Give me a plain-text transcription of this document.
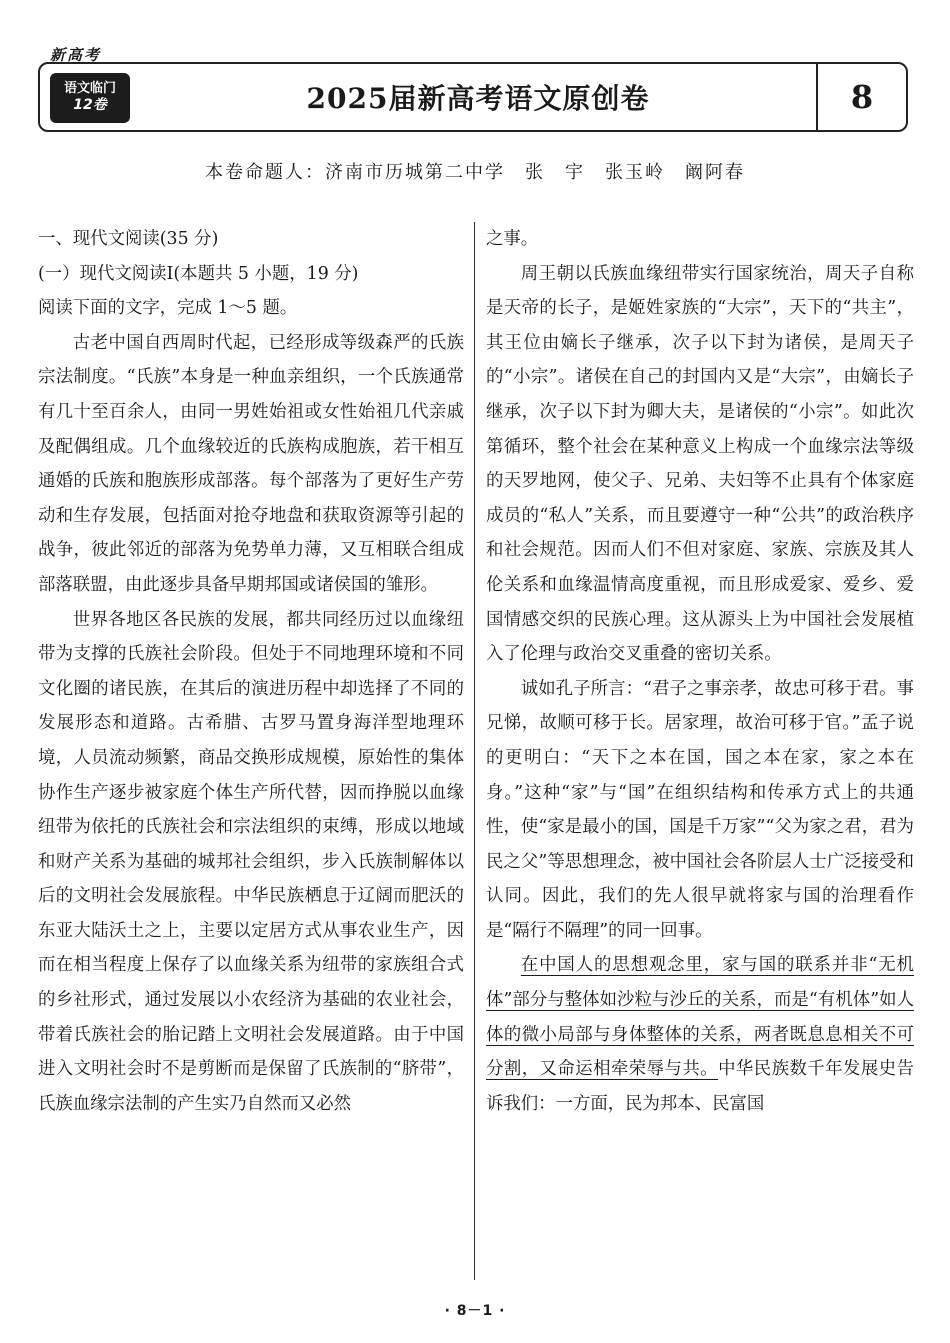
新高考
语文临门
12卷	2025届新高考语文原创卷	8
本卷命题人：济南市历城第二中学　张　宇　张玉岭　阚阿春

一、现代文阅读(35 分)

(一）现代文阅读Ⅰ(本题共 5 小题，19 分)

阅读下面的文字，完成 1～5 题。

古老中国自西周时代起，已经形成等级森严的氏族宗法制度。“氏族”本身是一种血亲组织，一个氏族通常有几十至百余人，由同一男姓始祖或女性始祖几代亲戚及配偶组成。几个血缘较近的氏族构成胞族，若干相互通婚的氏族和胞族形成部落。每个部落为了更好生产劳动和生存发展，包括面对抢夺地盘和获取资源等引起的战争，彼此邻近的部落为免势单力薄，又互相联合组成部落联盟，由此逐步具备早期邦国或诸侯国的雏形。

世界各地区各民族的发展，都共同经历过以血缘纽带为支撑的氏族社会阶段。但处于不同地理环境和不同文化圈的诸民族，在其后的演进历程中却选择了不同的发展形态和道路。古希腊、古罗马置身海洋型地理环境，人员流动频繁，商品交换形成规模，原始性的集体协作生产逐步被家庭个体生产所代替，因而挣脱以血缘纽带为依托的氏族社会和宗法组织的束缚，形成以地域和财产关系为基础的城邦社会组织，步入氏族制解体以后的文明社会发展旅程。中华民族栖息于辽阔而肥沃的东亚大陆沃土之上，主要以定居方式从事农业生产，因而在相当程度上保存了以血缘关系为纽带的家族组合式的乡社形式，通过发展以小农经济为基础的农业社会，带着氏族社会的胎记踏上文明社会发展道路。由于中国进入文明社会时不是剪断而是保留了氏族制的“脐带”，氏族血缘宗法制的产生实乃自然而又必然

之事。

周王朝以氏族血缘纽带实行国家统治，周天子自称是天帝的长子，是姬姓家族的“大宗”，天下的“共主”，其王位由嫡长子继承，次子以下封为诸侯，是周天子的“小宗”。诸侯在自己的封国内又是“大宗”，由嫡长子继承，次子以下封为卿大夫，是诸侯的“小宗”。如此次第循环，整个社会在某种意义上构成一个血缘宗法等级的天罗地网，使父子、兄弟、夫妇等不止具有个体家庭成员的“私人”关系，而且要遵守一种“公共”的政治秩序和社会规范。因而人们不但对家庭、家族、宗族及其人伦关系和血缘温情高度重视，而且形成爱家、爱乡、爱国情感交织的民族心理。这从源头上为中国社会发展植入了伦理与政治交叉重叠的密切关系。

诚如孔子所言：“君子之事亲孝，故忠可移于君。事兄悌，故顺可移于长。居家理，故治可移于官。”孟子说的更明白：“天下之本在国，国之本在家，家之本在身。”这种“家”与“国”在组织结构和传承方式上的共通性，使“家是最小的国，国是千万家”“父为家之君，君为民之父”等思想理念，被中国社会各阶层人士广泛接受和认同。因此，我们的先人很早就将家与国的治理看作是“隔行不隔理”的同一回事。

在中国人的思想观念里，家与国的联系并非“无机体”部分与整体如沙粒与沙丘的关系，而是“有机体”如人体的微小局部与身体整体的关系，两者既息息相关不可分割，又命运相牵荣辱与共。中华民族数千年发展史告诉我们：一方面，民为邦本、民富国

· 8－1 ·
